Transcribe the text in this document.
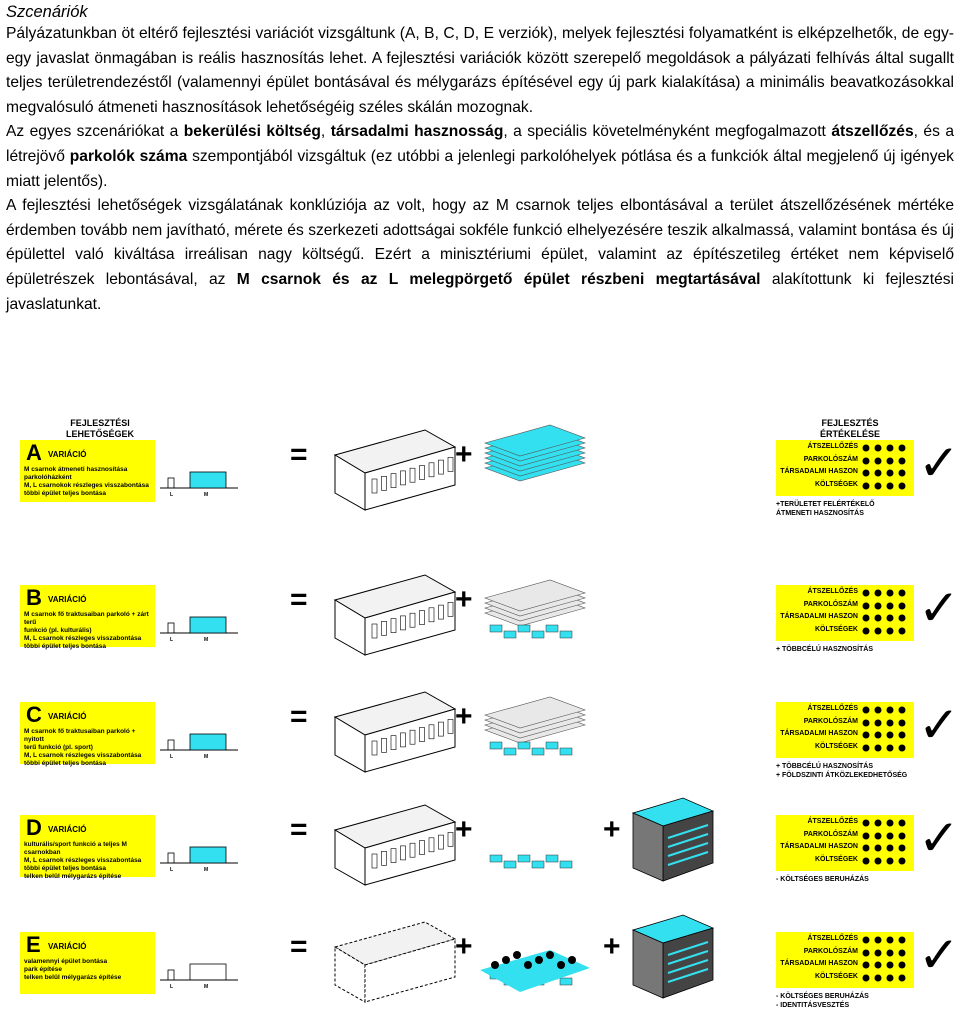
Szcenáriók

Pályázatunkban öt eltérő fejlesztési variációt vizsgáltunk (A, B, C, D, E verziók), melyek fejlesztési folyamatként is elképzelhetők, de egy-egy javaslat önmagában is reális hasznosítás lehet. A fejlesztési variációk között szerepelő megoldások a pályázati felhívás által sugallt teljes területrendezéstől (valamennyi épület bontásával és mélygarázs építésével egy új park kialakítása) a minimális beavatkozásokkal megvalósuló átmeneti hasznosítások lehetőségéig széles skálán mozognak.

Az egyes szcenáriókat a bekerülési költség, társadalmi hasznosság, a speciális követelményként megfogalmazott átszellőzés, és a létrejövő parkolók száma szempontjából vizsgáltuk (ez utóbbi a jelenlegi parkolóhelyek pótlása és a funkciók által megjelenő új igények miatt jelentős).

A fejlesztési lehetőségek vizsgálatának konklúziója az volt, hogy az M csarnok teljes elbontásával a terület átszellőzésének mértéke érdemben tovább nem javítható, mérete és szerkezeti adottságai sokféle funkció elhelyezésére teszik alkalmassá, valamint bontása és új épülettel való kiváltása irreálisan nagy költségű. Ezért a minisztériumi épület, valamint az építészetileg értéket nem képviselő épületrészek lebontásával, az M csarnok és az L melegpörgető épület részbeni megtartásával alakítottunk ki fejlesztési javaslatunkat.

FEJLESZTÉSI
LEHETŐSÉGEK
FEJLESZTÉS
ÉRTÉKELÉSE
A VARIÁCIÓ
M csarnok átmeneti hasznosítása
parkolóházként
M, L csarnokok részleges visszabontása
többi épület teljes bontása	L	M
=	+	ÁTSZELLŐZÉS
PARKOLÓSZÁM
TÁRSADALMI HASZON
KÖLTSÉGEK ✓
+TERÜLETET FELÉRTÉKELŐ
ÁTMENETI HASZNOSÍTÁS
B VARIÁCIÓ
M csarnok fő traktusaiban parkoló + zárt terű
funkció (pl. kulturális)
M, L csarnok részleges visszabontása
többi épület teljes bontása
L	M
=	+	ÁTSZELLŐZÉS
PARKOLÓSZÁM
TÁRSADALMI HASZON
KÖLTSÉGEK ✓
+ TÖBBCÉLÚ HASZNOSÍTÁS
C VARIÁCIÓ
M csarnok fő traktusaiban parkoló + nyitott
terű funkció (pl. sport)
M, L csarnok részleges visszabontása
többi épület teljes bontása
L	M
=	+	ÁTSZELLŐZÉS
PARKOLÓSZÁM
TÁRSADALMI HASZON
KÖLTSÉGEK ✓
+ TÖBBCÉLÚ HASZNOSÍTÁS
+ FÖLDSZINTI ÁTKÖZLEKEDHETŐSÉG
D VARIÁCIÓ
kulturális/sport funkció a teljes M csarnokban
M, L csarnok részleges visszabontása
többi épület teljes bontása
telken belül mélygarázs építése
L	M
=	+	+	ÁTSZELLŐZÉS
PARKOLÓSZÁM
TÁRSADALMI HASZON
KÖLTSÉGEK ✓
- KÖLTSÉGES BERUHÁZÁS
E VARIÁCIÓ
valamennyi épület bontása
park építése
telken belül mélygarázs építése
L	M
=	+	+	ÁTSZELLŐZÉS
PARKOLÓSZÁM
TÁRSADALMI HASZON
KÖLTSÉGEK ✓
- KÖLTSÉGES BERUHÁZÁS
- IDENTITÁSVESZTÉS
